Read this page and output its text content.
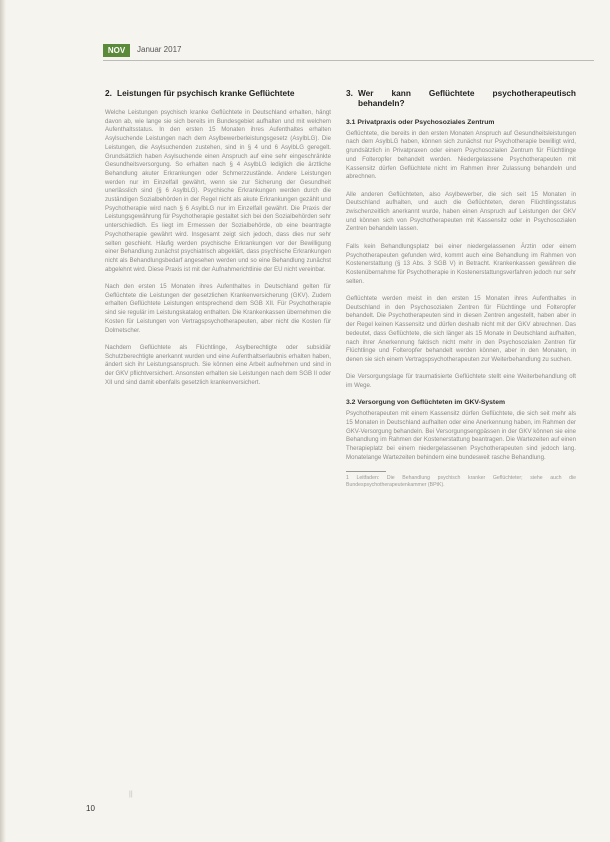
NOV	Januar 2017
2. Leistungen für psychisch kranke Geflüchtete

Welche Leistungen psychisch kranke Geflüchtete in Deutschland erhalten, hängt davon ab, wie lange sie sich bereits im Bundesgebiet aufhalten und mit welchem Aufenthaltsstatus. In den ersten 15 Monaten ihres Aufenthaltes erhalten Asylsuchende Leistungen nach dem Asylbewerberleistungsgesetz (AsylbLG). Die Leistungen, die Asylsuchenden zustehen, sind in § 4 und 6 AsylbLG geregelt. Grundsätzlich haben Asylsuchende einen Anspruch auf eine sehr eingeschränkte Gesundheitsversorgung. So erhalten nach § 4 AsylbLG lediglich die ärztliche Behandlung akuter Erkrankungen oder Schmerzzustände. Andere Leistungen werden nur im Einzelfall gewährt, wenn sie zur Sicherung der Gesundheit unerlässlich sind (§ 6 AsylbLG). Psychische Erkrankungen werden durch die zuständigen Sozialbehörden in der Regel nicht als akute Erkrankungen gezählt und Psychotherapie wird nach § 6 AsylbLG nur im Einzelfall gewährt. Die Praxis der Leistungsgewährung für Psychotherapie gestaltet sich bei den Sozialbehörden sehr unterschiedlich. Es liegt im Ermessen der Sozialbehörde, ob eine beantragte Psychotherapie gewährt wird. Insgesamt zeigt sich jedoch, dass dies nur sehr selten geschieht. Häufig werden psychische Erkrankungen vor der Bewilligung einer Behandlung zunächst psychiatrisch abgeklärt, dass psychische Erkrankungen nicht als Behandlungsbedarf angesehen werden und so eine Behandlung zunächst abgelehnt wird. Diese Praxis ist mit der Aufnahmerichtlinie der EU nicht vereinbar.

Nach den ersten 15 Monaten ihres Aufenthaltes in Deutschland gelten für Geflüchtete die Leistungen der gesetzlichen Krankenversicherung (GKV). Zudem erhalten Geflüchtete Leistungen entsprechend dem SGB XII. Für Psychotherapie sind sie regulär im Leistungskatalog enthalten. Die Krankenkassen übernehmen die Kosten für Leistungen von Vertragspsychotherapeuten, aber nicht die Kosten für Dolmetscher.

Nachdem Geflüchtete als Flüchtlinge, Asylberechtigte oder subsidiär Schutzberechtigte anerkannt wurden und eine Aufenthaltserlaubnis erhalten haben, ändert sich ihr Leistungsanspruch. Sie können eine Arbeit aufnehmen und sind in der GKV pflichtversichert. Ansonsten erhalten sie Leistungen nach dem SGB II oder XII und sind damit ebenfalls gesetzlich krankenversichert.

3. Wer kann Geflüchtete psychotherapeutisch behandeln?
3.1 Privatpraxis oder Psychosoziales Zentrum

Geflüchtete, die bereits in den ersten Monaten Anspruch auf Gesundheitsleistungen nach dem AsylbLG haben, können sich zunächst nur Psychotherapie bewilligt wird, grundsätzlich in Privatpraxen oder einem Psychosozialen Zentrum für Flüchtlinge und Folteropfer behandelt werden. Niedergelassene Psychotherapeuten mit Kassensitz dürfen Geflüchtete nicht im Rahmen ihrer Zulassung behandeln und abrechnen.

Alle anderen Geflüchteten, also Asylbewerber, die sich seit 15 Monaten in Deutschland aufhalten, und auch die Geflüchteten, deren Flüchtlingsstatus zwischenzeitlich anerkannt wurde, haben einen Anspruch auf Leistungen der GKV und können sich von Psychotherapeuten mit Kassensitz oder in Psychosozialen Zentren behandeln lassen.

Falls kein Behandlungsplatz bei einer niedergelassenen Ärztin oder einem Psychotherapeuten gefunden wird, kommt auch eine Behandlung im Rahmen von Kostenerstattung (§ 13 Abs. 3 SGB V) in Betracht. Krankenkassen gewähren die Kostenübernahme für Psychotherapie in Kostenerstattungsverfahren jedoch nur sehr selten.

Geflüchtete werden meist in den ersten 15 Monaten ihres Aufenthaltes in Deutschland in den Psychosozialen Zentren für Flüchtlinge und Folteropfer behandelt. Die Psychotherapeuten sind in diesen Zentren angestellt, haben aber in der Regel keinen Kassensitz und dürfen deshalb nicht mit der GKV abrechnen. Das bedeutet, dass Geflüchtete, die sich länger als 15 Monate in Deutschland aufhalten, nach ihrer Anerkennung faktisch nicht mehr in den Psychosozialen Zentren für Flüchtlinge und Folteropfer behandelt werden können, aber in den Monaten, in denen sie sich einem Vertragspsychotherapeuten zur Weiterbehandlung zu suchen.

Die Versorgungslage für traumatisierte Geflüchtete stellt eine Weiterbehandlung oft im Wege.

3.2 Versorgung von Geflüchteten im GKV-System

Psychotherapeuten mit einem Kassensitz dürfen Geflüchtete, die sich seit mehr als 15 Monaten in Deutschland aufhalten oder eine Anerkennung haben, im Rahmen der GKV-Versorgung behandeln. Bei Versorgungsengpässen in der GKV können sie eine Behandlung im Rahmen der Kostenerstattung beantragen. Die Wartezeiten auf einen Therapieplatz bei einem niedergelassenen Psychotherapeuten sind jedoch lang. Monatelange Wartezeiten behindern eine bundesweit rasche Behandlung.

1 Leitfaden: Die Behandlung psychisch kranker Geflüchteter; siehe auch die Bundespsychotherapeutenkammer (BPtK).
||
10
